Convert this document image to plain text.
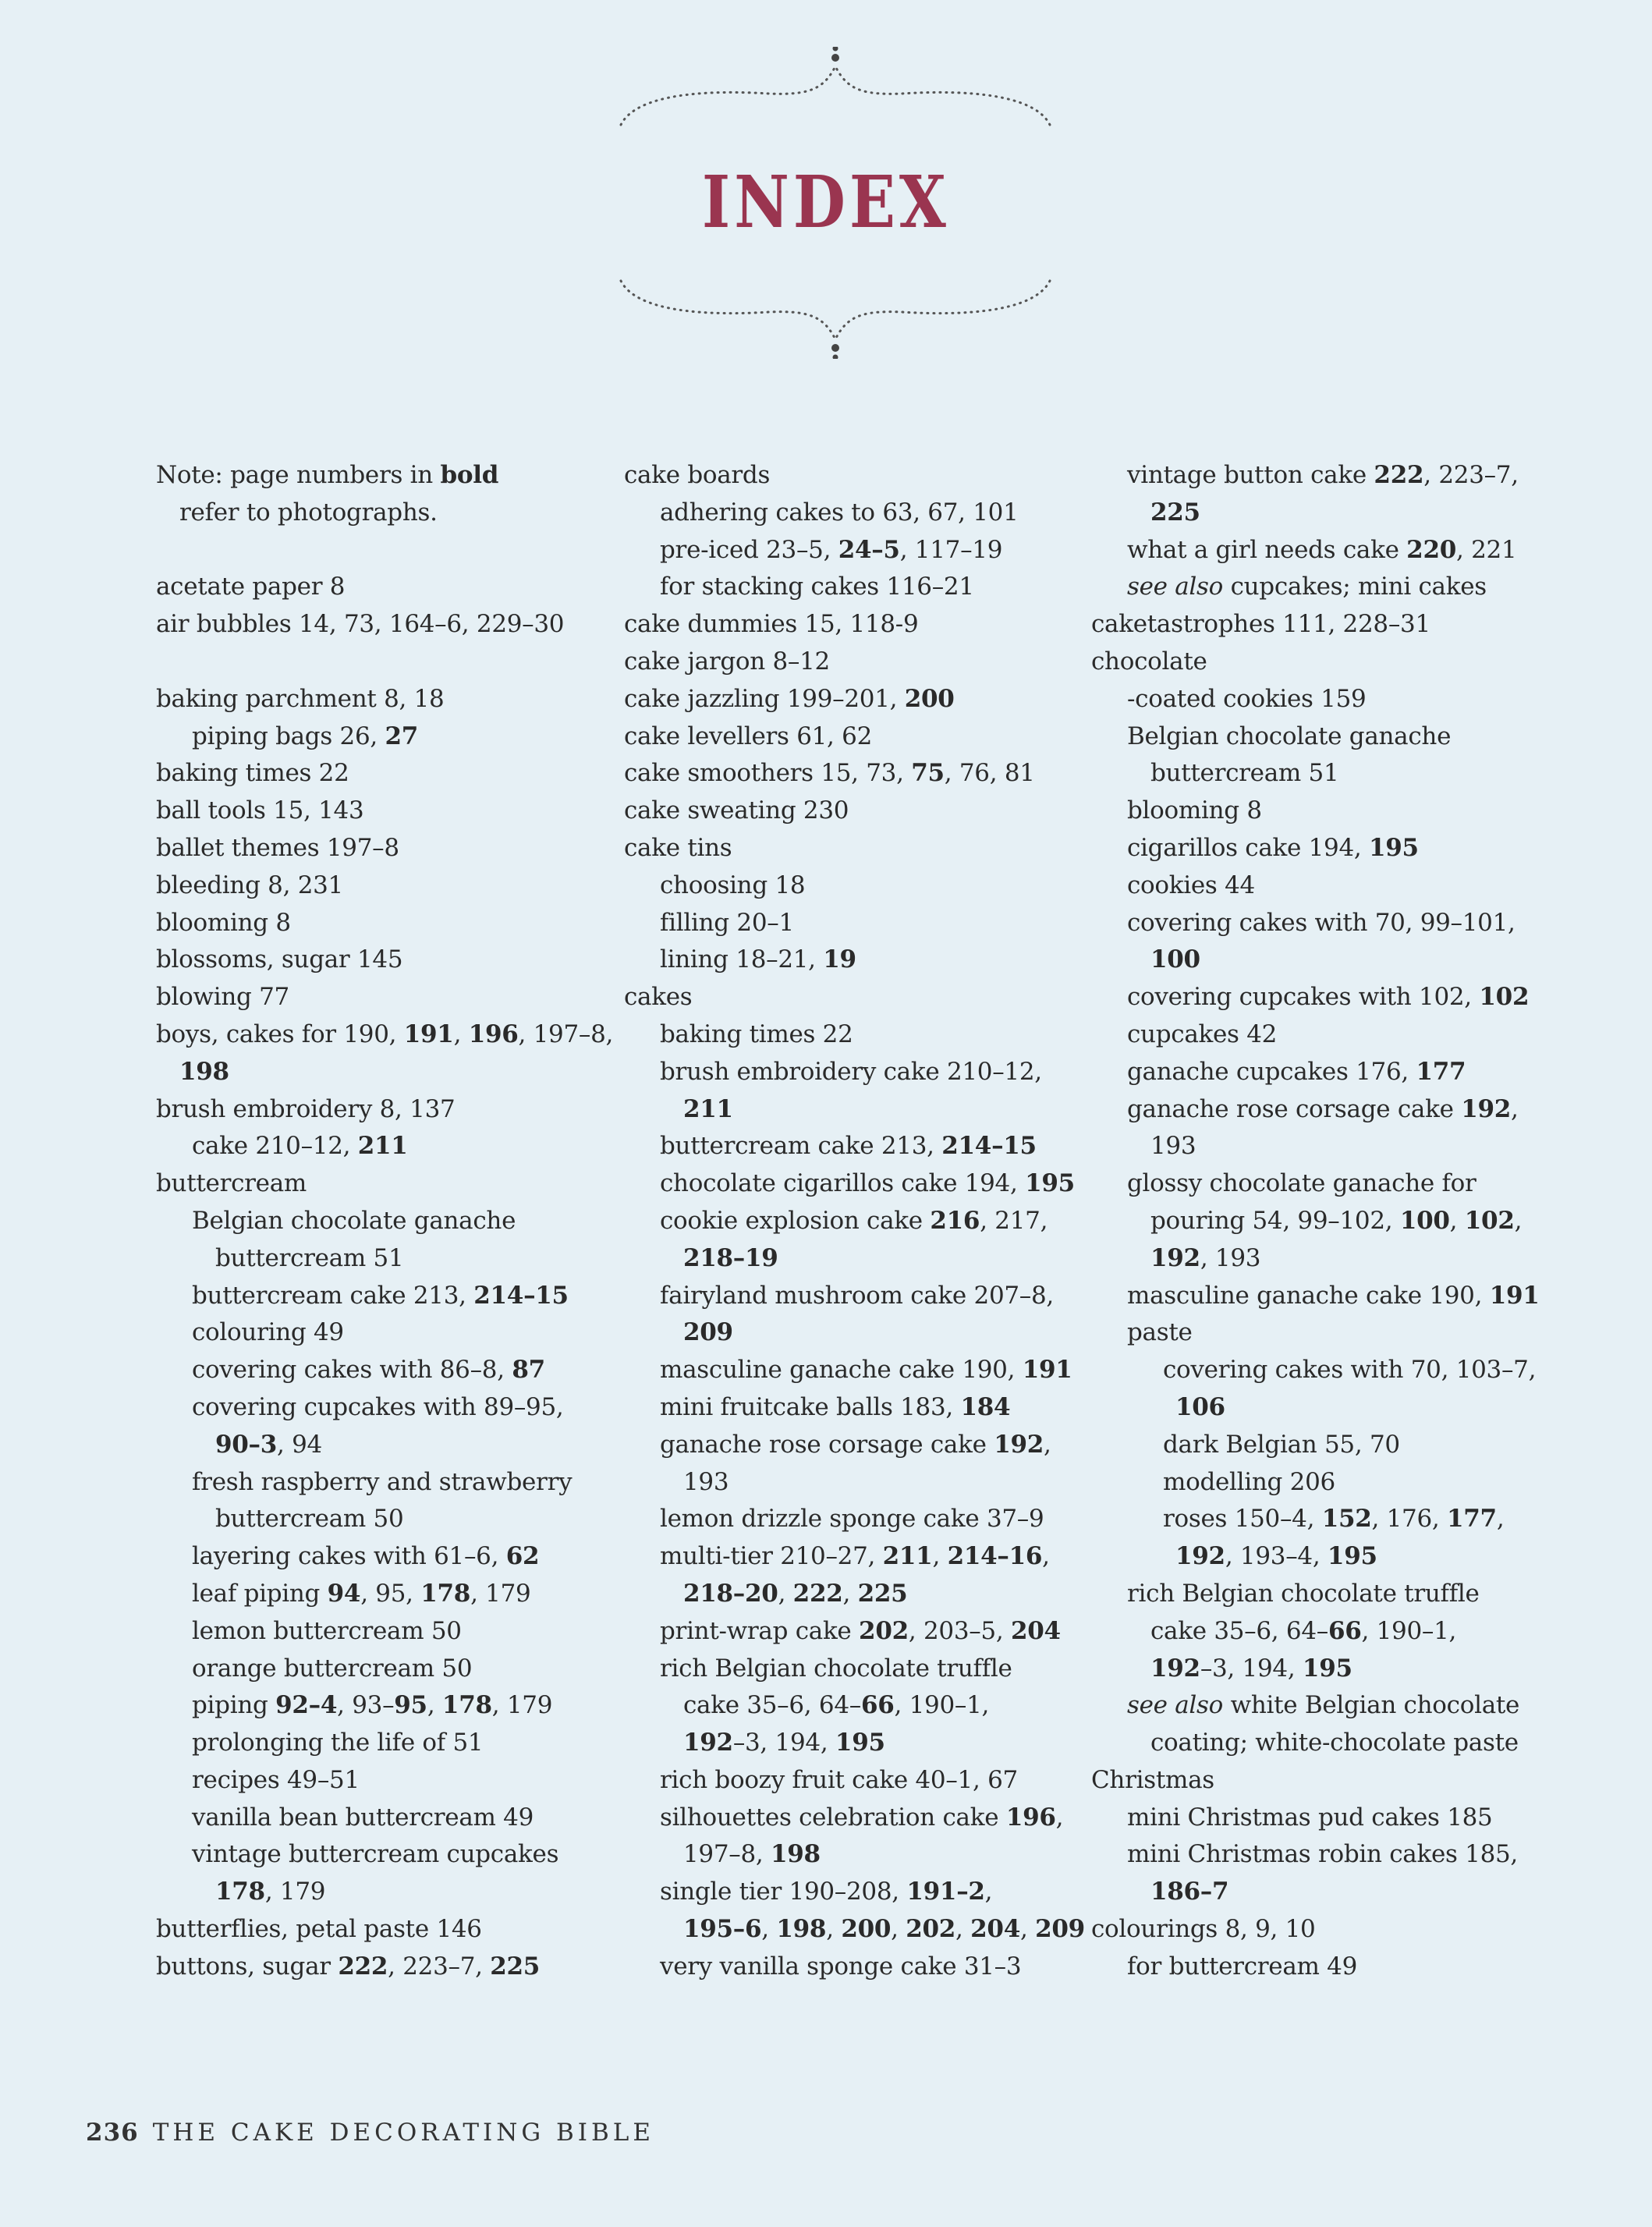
INDEX
Note: page numbers in bold
refer to photographs.
acetate paper 8
air bubbles 14, 73, 164–6, 229–30
baking parchment 8, 18
piping bags 26, 27
baking times 22
ball tools 15, 143
ballet themes 197–8
bleeding 8, 231
blooming 8
blossoms, sugar 145
blowing 77
boys, cakes for 190, 191, 196, 197–8,
198
brush embroidery 8, 137
cake 210–12, 211
buttercream
Belgian chocolate ganache
buttercream 51
buttercream cake 213, 214–15
colouring 49
covering cakes with 86–8, 87
covering cupcakes with 89–95,
90–3, 94
fresh raspberry and strawberry
buttercream 50
layering cakes with 61–6, 62
leaf piping 94, 95, 178, 179
lemon buttercream 50
orange buttercream 50
piping 92–4, 93–95, 178, 179
prolonging the life of 51
recipes 49–51
vanilla bean buttercream 49
vintage buttercream cupcakes
178, 179
butterflies, petal paste 146
buttons, sugar 222, 223–7, 225
cake boards
adhering cakes to 63, 67, 101
pre-iced 23–5, 24–5, 117–19
for stacking cakes 116–21
cake dummies 15, 118-9
cake jargon 8–12
cake jazzling 199–201, 200
cake levellers 61, 62
cake smoothers 15, 73, 75, 76, 81
cake sweating 230
cake tins
choosing 18
filling 20–1
lining 18–21, 19
cakes
baking times 22
brush embroidery cake 210–12,
211
buttercream cake 213, 214–15
chocolate cigarillos cake 194, 195
cookie explosion cake 216, 217,
218–19
fairyland mushroom cake 207–8,
209
masculine ganache cake 190, 191
mini fruitcake balls 183, 184
ganache rose corsage cake 192,
193
lemon drizzle sponge cake 37–9
multi-tier 210–27, 211, 214–16,
218–20, 222, 225
print-wrap cake 202, 203–5, 204
rich Belgian chocolate truffle
cake 35–6, 64–66, 190–1,
192–3, 194, 195
rich boozy fruit cake 40–1, 67
silhouettes celebration cake 196,
197–8, 198
single tier 190–208, 191–2,
195–6, 198, 200, 202, 204, 209
very vanilla sponge cake 31–3
vintage button cake 222, 223–7,
225
what a girl needs cake 220, 221
see also cupcakes; mini cakes
caketastrophes 111, 228–31
chocolate
-coated cookies 159
Belgian chocolate ganache
buttercream 51
blooming 8
cigarillos cake 194, 195
cookies 44
covering cakes with 70, 99–101,
100
covering cupcakes with 102, 102
cupcakes 42
ganache cupcakes 176, 177
ganache rose corsage cake 192,
193
glossy chocolate ganache for
pouring 54, 99–102, 100, 102,
192, 193
masculine ganache cake 190, 191
paste
covering cakes with 70, 103–7,
106
dark Belgian 55, 70
modelling 206
roses 150–4, 152, 176, 177,
192, 193–4, 195
rich Belgian chocolate truffle
cake 35–6, 64–66, 190–1,
192–3, 194, 195
see also white Belgian chocolate
coating; white-chocolate paste
Christmas
mini Christmas pud cakes 185
mini Christmas robin cakes 185,
186–7
colourings 8, 9, 10
for buttercream 49
236 THE CAKE DECORATING BIBLE
